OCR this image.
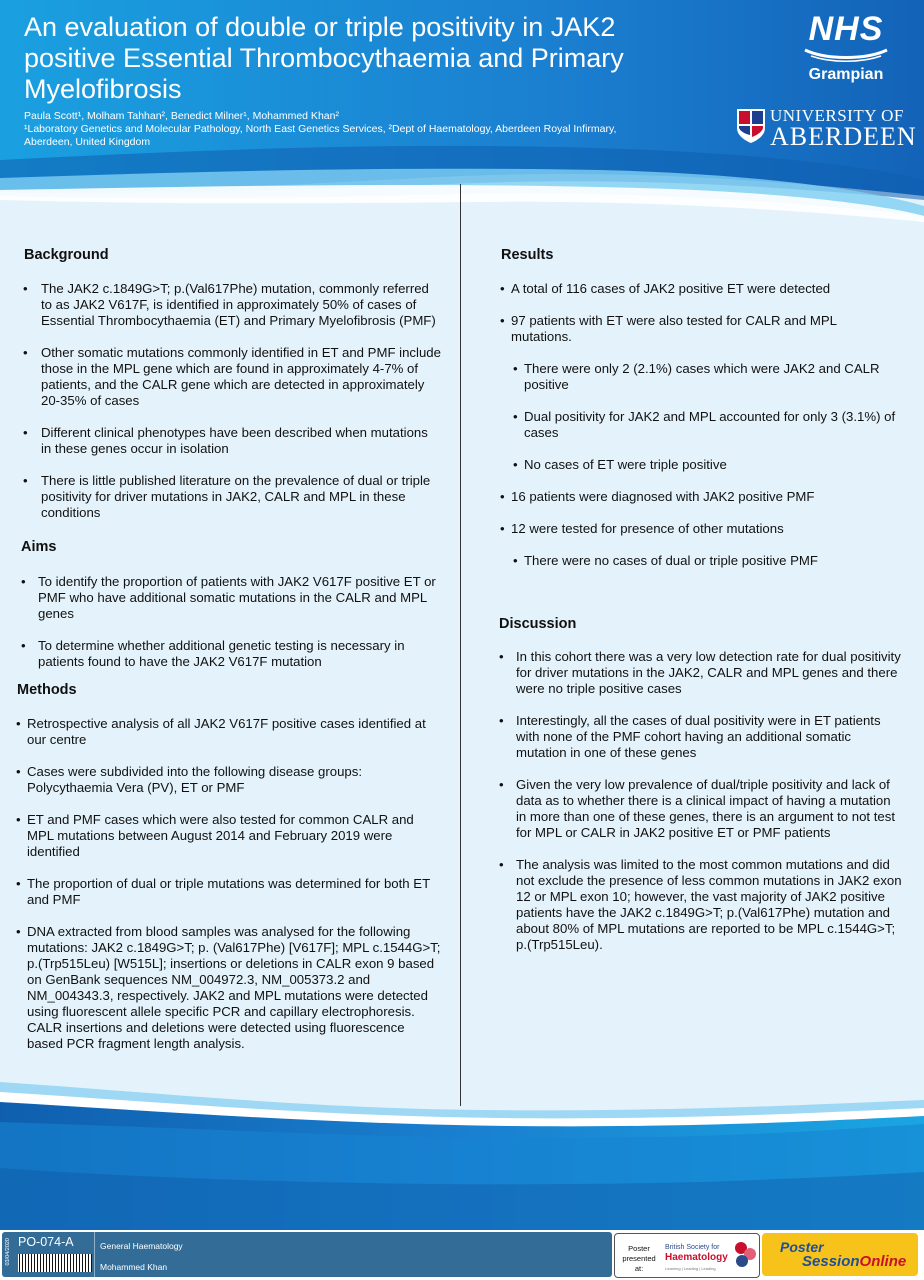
An evaluation of double or triple positivity in JAK2 positive Essential Thrombocythaemia and Primary Myelofibrosis
Paula Scott¹, Molham Tahhan², Benedict Milner¹, Mohammed Khan²
¹Laboratory Genetics and Molecular Pathology, North East Genetics Services, ²Dept of Haematology, Aberdeen Royal Infirmary, Aberdeen, United Kingdom
NHS
Grampian
UNIVERSITY OF
ABERDEEN
Background
• The JAK2 c.1849G>T; p.(Val617Phe) mutation, commonly referred to as JAK2 V617F, is identified in approximately 50% of cases of Essential Thrombocythaemia (ET) and Primary Myelofibrosis (PMF)
• Other somatic mutations commonly identified in ET and PMF include those in the MPL gene which are found in approximately 4-7% of patients, and the CALR gene which are detected in approximately 20-35% of cases
• Different clinical phenotypes have been described when mutations in these genes occur in isolation
• There is little published literature on the prevalence of dual or triple positivity for driver mutations in JAK2, CALR and MPL in these conditions
Aims
• To identify the proportion of patients with JAK2 V617F positive ET or PMF who have additional somatic mutations in the CALR and MPL genes
• To determine whether additional genetic testing is necessary in patients found to have the JAK2 V617F mutation
Methods
• Retrospective analysis of all JAK2 V617F positive cases identified at our centre
• Cases were subdivided into the following disease groups: Polycythaemia Vera (PV), ET or PMF
• ET and PMF cases which were also tested for common CALR and MPL mutations between August 2014 and February 2019 were identified
• The proportion of dual or triple mutations was determined for both ET and PMF
• DNA extracted from blood samples was analysed for the following mutations: JAK2 c.1849G>T; p. (Val617Phe) [V617F]; MPL c.1544G>T; p.(Trp515Leu) [W515L]; insertions or deletions in CALR exon 9 based on GenBank sequences NM_004972.3, NM_005373.2 and NM_004343.3, respectively. JAK2 and MPL mutations were detected using fluorescent allele specific PCR and capillary electrophoresis. CALR insertions and deletions were detected using fluorescence based PCR fragment length analysis.
Results
• A total of 116 cases of JAK2 positive ET were detected
• 97 patients with ET were also tested for CALR and MPL mutations.
• There were only 2 (2.1%) cases which were JAK2 and CALR positive
• Dual positivity for JAK2 and MPL accounted for only 3 (3.1%) of cases
• No cases of ET were triple positive
• 16 patients were diagnosed with JAK2 positive PMF
• 12 were tested for presence of other mutations
• There were no cases of dual or triple positive PMF
Discussion
• In this cohort there was a very low detection rate for dual positivity for driver mutations in the JAK2, CALR and MPL genes and there were no triple positive cases
• Interestingly, all the cases of dual positivity were in ET patients with none of the PMF cohort having an additional somatic mutation in one of these genes
• Given the very low prevalence of dual/triple positivity and lack of data as to whether there is a clinical impact of having a mutation in more than one of these genes, there is an argument to not test for MPL or CALR in JAK2 positive ET or PMF patients
• The analysis was limited to the most common mutations and did not exclude the presence of less common mutations in JAK2 exon 12 or MPL exon 10; however, the vast majority of JAK2 positive patients have the JAK2 c.1849G>T; p.(Val617Phe) mutation and about 80% of MPL mutations are reported to be MPL c.1544G>T; p.(Trp515Leu).
03/04/2020 PO-074-A	General Haematology
Mohammed Khan
Poster presented at:
British Society for
Haematology
Learning | Leading | Leading
Poster
SessionOnline
